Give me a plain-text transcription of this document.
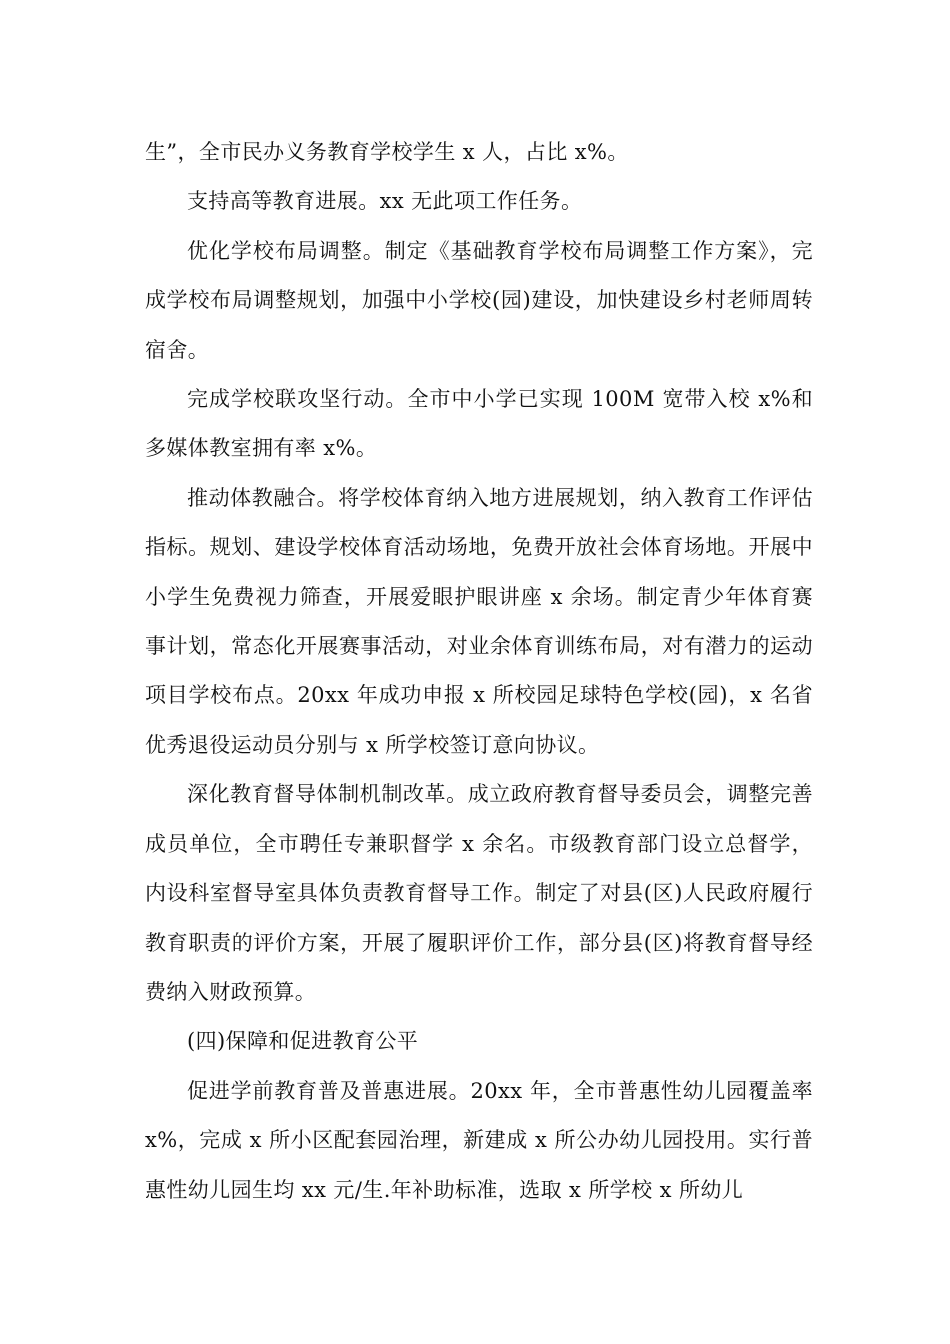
生”，全市民办义务教育学校学生 x 人，占比 x%。

支持高等教育进展。xx 无此项工作任务。

优化学校布局调整。制定《基础教育学校布局调整工作方案》，完成学校布局调整规划，加强中小学校(园)建设，加快建设乡村老师周转宿舍。

完成学校联攻坚行动。全市中小学已实现 100M 宽带入校 x%和多媒体教室拥有率 x%。

推动体教融合。将学校体育纳入地方进展规划，纳入教育工作评估指标。规划、建设学校体育活动场地，免费开放社会体育场地。开展中小学生免费视力筛查，开展爱眼护眼讲座 x 余场。制定青少年体育赛事计划，常态化开展赛事活动，对业余体育训练布局，对有潜力的运动项目学校布点。20xx 年成功申报 x 所校园足球特色学校(园)，x 名省优秀退役运动员分别与 x 所学校签订意向协议。

深化教育督导体制机制改革。成立政府教育督导委员会，调整完善成员单位，全市聘任专兼职督学 x 余名。市级教育部门设立总督学，内设科室督导室具体负责教育督导工作。制定了对县(区)人民政府履行教育职责的评价方案，开展了履职评价工作，部分县(区)将教育督导经费纳入财政预算。

(四)保障和促进教育公平

促进学前教育普及普惠进展。20xx 年，全市普惠性幼儿园覆盖率 x%，完成 x 所小区配套园治理，新建成 x 所公办幼儿园投用。实行普惠性幼儿园生均 xx 元/生.年补助标准，选取 x 所学校 x 所幼儿
